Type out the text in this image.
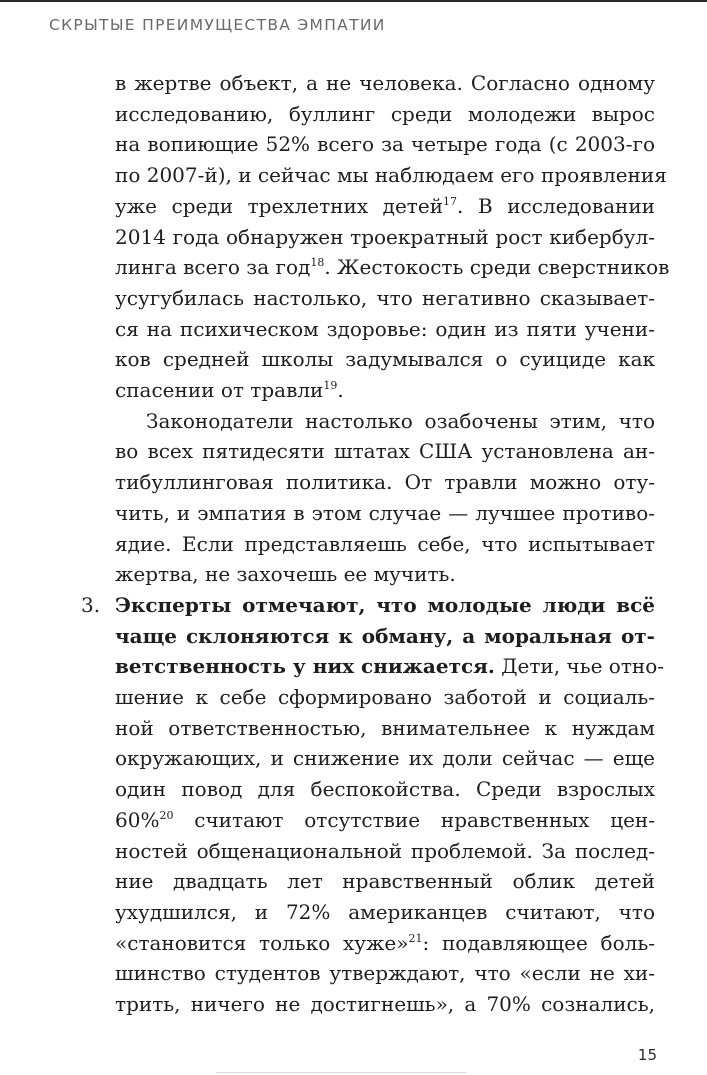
СКРЫТЫЕ ПРЕИМУЩЕСТВА ЭМПАТИИ

в жертве объект, а не человека. Согласно одному
исследованию, буллинг среди молодежи вырос
на вопиющие 52% всего за четыре года (с 2003-го
по 2007-й), и сейчас мы наблюдаем его проявления
уже среди трехлетних детей$^{17}$. В исследовании
2014 года обнаружен троекратный рост кибербул-
линга всего за год$^{18}$. Жестокость среди сверстников
усугубилась настолько, что негативно сказывает-
ся на психическом здоровье: один из пяти учени-
ков средней школы задумывался о суициде как
спасении от травли$^{19}$.

Законодатели настолько озабочены этим, что
во всех пятидесяти штатах США установлена ан-
тибуллинговая политика. От травли можно оту-
чить, и эмпатия в этом случае — лучшее противо-
ядие. Если представляешь себе, что испытывает
жертва, не захочешь ее мучить.

3. Эксперты отмечают, что молодые люди всё
чаще склоняются к обману, а моральная от-
ветственность у них снижается. Дети, чье отно-
шение к себе сформировано заботой и социаль-
ной ответственностью, внимательнее к нуждам
окружающих, и снижение их доли сейчас — еще
один повод для беспокойства. Среди взрослых
60%$^{20}$ считают отсутствие нравственных цен-
ностей общенациональной проблемой. За послед-
ние двадцать лет нравственный облик детей
ухудшился, и 72% американцев считают, что
«становится только хуже»$^{21}$: подавляющее боль-
шинство студентов утверждают, что «если не хи-
трить, ничего не достигнешь», а 70% сознались,

15
